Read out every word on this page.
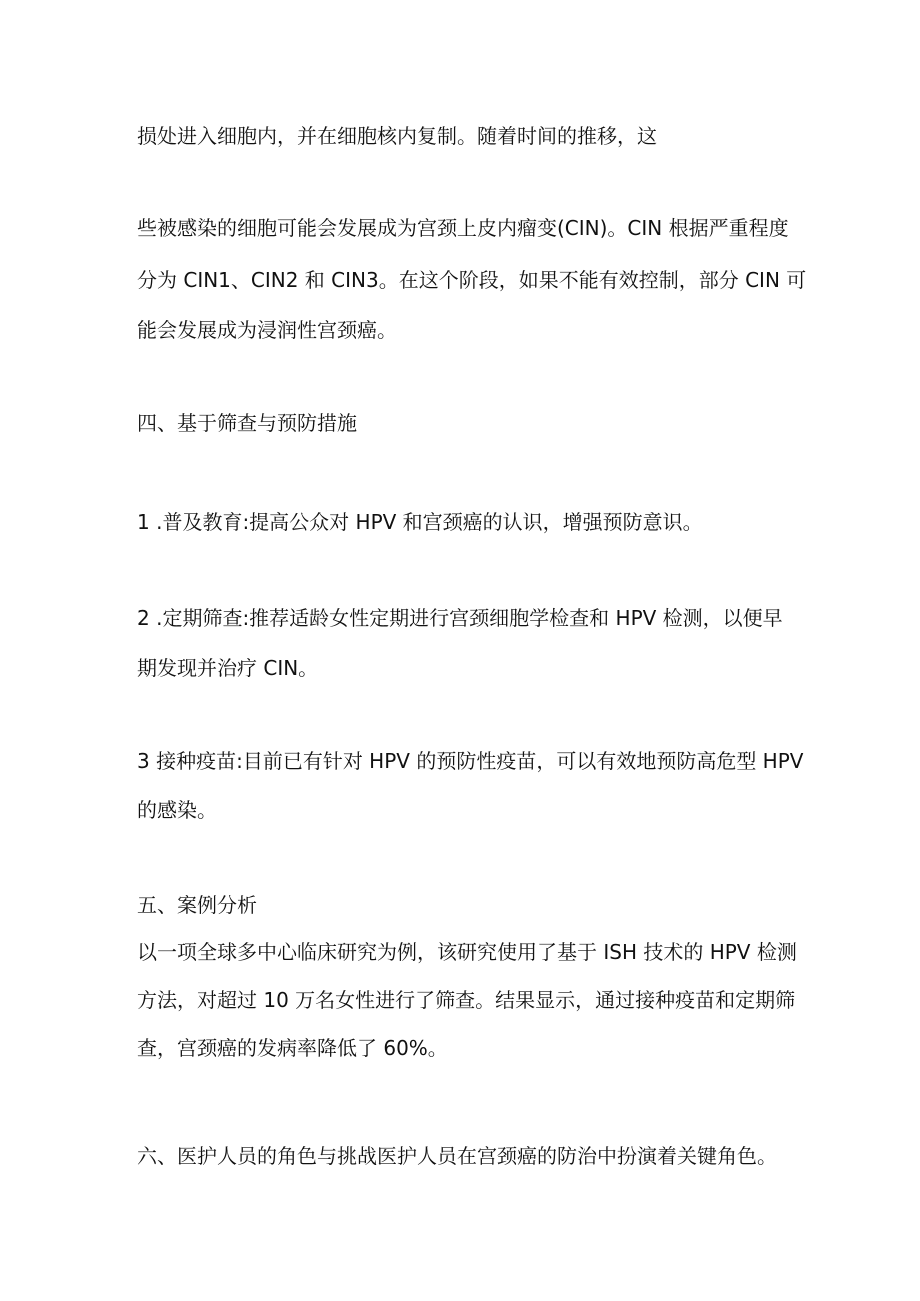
损处进入细胞内，并在细胞核内复制。随着时间的推移，这
些被感染的细胞可能会发展成为宫颈上皮内瘤变(CIN)。CIN 根据严重程度
分为 CIN1、CIN2 和 CIN3。在这个阶段，如果不能有效控制，部分 CIN 可
能会发展成为浸润性宫颈癌。
四、基于筛查与预防措施
1 .普及教育:提高公众对 HPV 和宫颈癌的认识，增强预防意识。
2 .定期筛查:推荐适龄女性定期进行宫颈细胞学检查和 HPV 检测，以便早
期发现并治疗 CIN。
3 接种疫苗:目前已有针对 HPV 的预防性疫苗，可以有效地预防高危型 HPV
的感染。
五、案例分析
以一项全球多中心临床研究为例，该研究使用了基于 ISH 技术的 HPV 检测
方法，对超过 10 万名女性进行了筛查。结果显示，通过接种疫苗和定期筛
查，宫颈癌的发病率降低了 60%。
六、医护人员的角色与挑战医护人员在宫颈癌的防治中扮演着关键角色。
